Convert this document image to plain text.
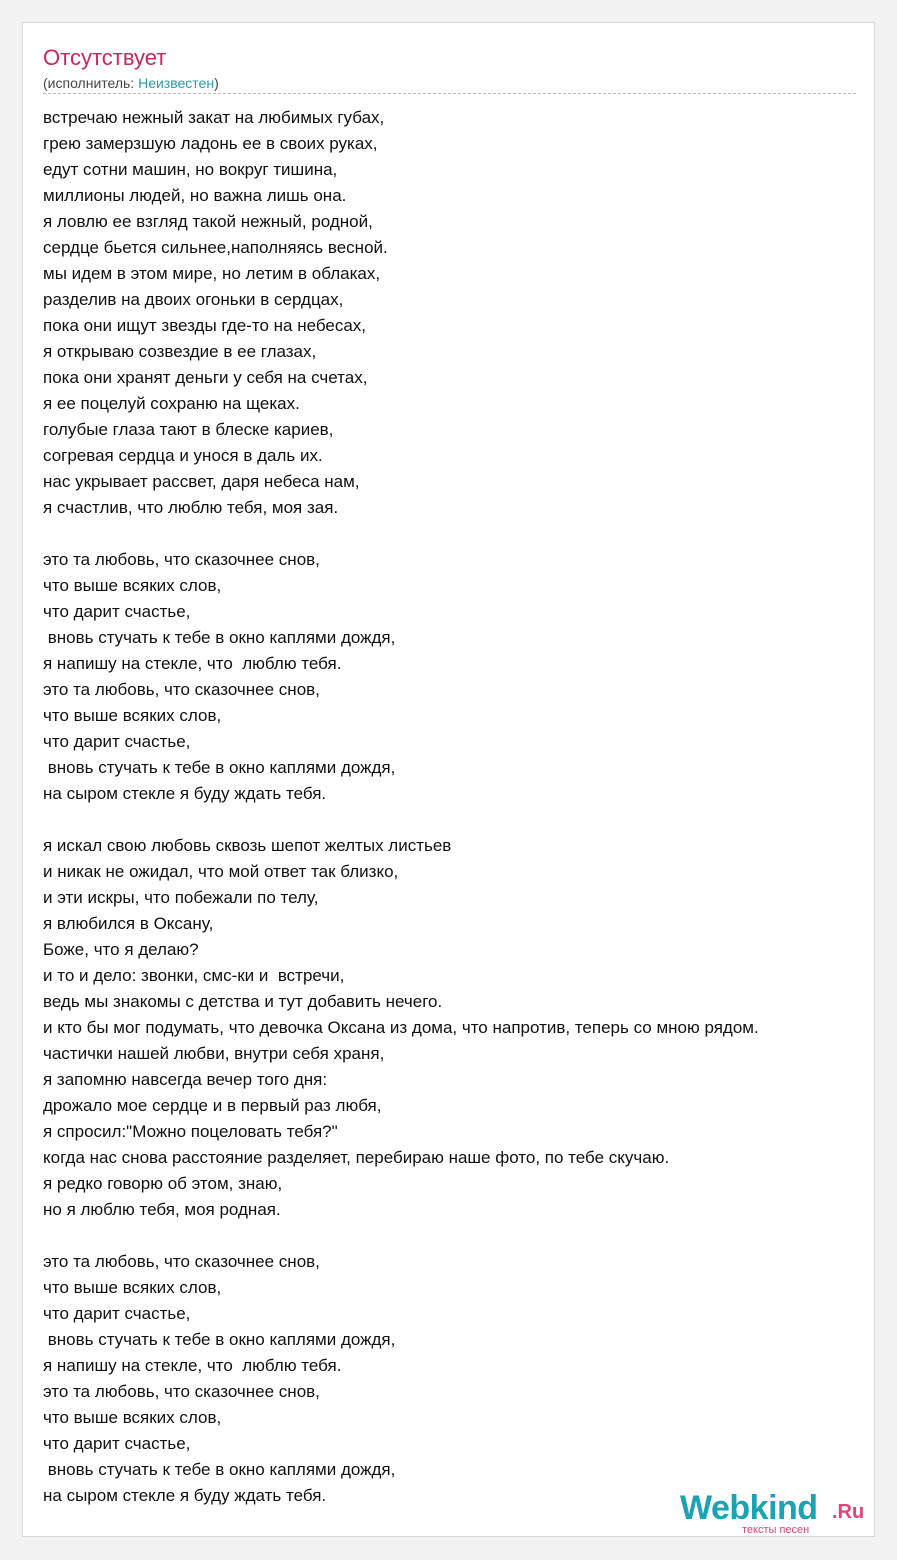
Отсутствует
(исполнитель: Неизвестен)
встречаю нежный закат на любимых губах,
грею замерзшую ладонь ее в своих руках,
едут сотни машин, но вокруг тишина,
миллионы людей, но важна лишь она.
я ловлю ее взгляд такой нежный, родной,
сердце бьется сильнее,наполняясь весной.
мы идем в этом мире, но летим в облаках,
разделив на двоих огоньки в сердцах,
пока они ищут звезды где-то на небесах,
я открываю созвездие в ее глазах,
пока они хранят деньги у себя на счетах,
я ее поцелуй сохраню на щеках.
голубые глаза тают в блеске кариев,
согревая сердца и унося в даль их.
нас укрывает рассвет, даря небеса нам,
я счастлив, что люблю тебя, моя зая.
это та любовь, что сказочнее снов,
что выше всяких слов,
что дарит счастье,
вновь стучать к тебе в окно каплями дождя,
я напишу на стекле, что  люблю тебя.
это та любовь, что сказочнее снов,
что выше всяких слов,
что дарит счастье,
вновь стучать к тебе в окно каплями дождя,
на сыром стекле я буду ждать тебя.
я искал свою любовь сквозь шепот желтых листьев
и никак не ожидал, что мой ответ так близко,
и эти искры, что побежали по телу,
я влюбился в Оксану,
Боже, что я делаю?
и то и дело: звонки, смс-ки и  встречи,
ведь мы знакомы с детства и тут добавить нечего.
и кто бы мог подумать, что девочка Оксана из дома, что напротив, теперь со мною рядом.
частички нашей любви, внутри себя храня,
я запомню навсегда вечер того дня:
дрожало мое сердце и в первый раз любя,
я спросил:"Можно поцеловать тебя?"
когда нас снова расстояние разделяет, перебираю наше фото, по тебе скучаю.
я редко говорю об этом, знаю,
но я люблю тебя, моя родная.
это та любовь, что сказочнее снов,
что выше всяких слов,
что дарит счастье,
вновь стучать к тебе в окно каплями дождя,
я напишу на стекле, что  люблю тебя.
это та любовь, что сказочнее снов,
что выше всяких слов,
что дарит счастье,
вновь стучать к тебе в окно каплями дождя,
на сыром стекле я буду ждать тебя.	Webkind .Ru
тексты песен
